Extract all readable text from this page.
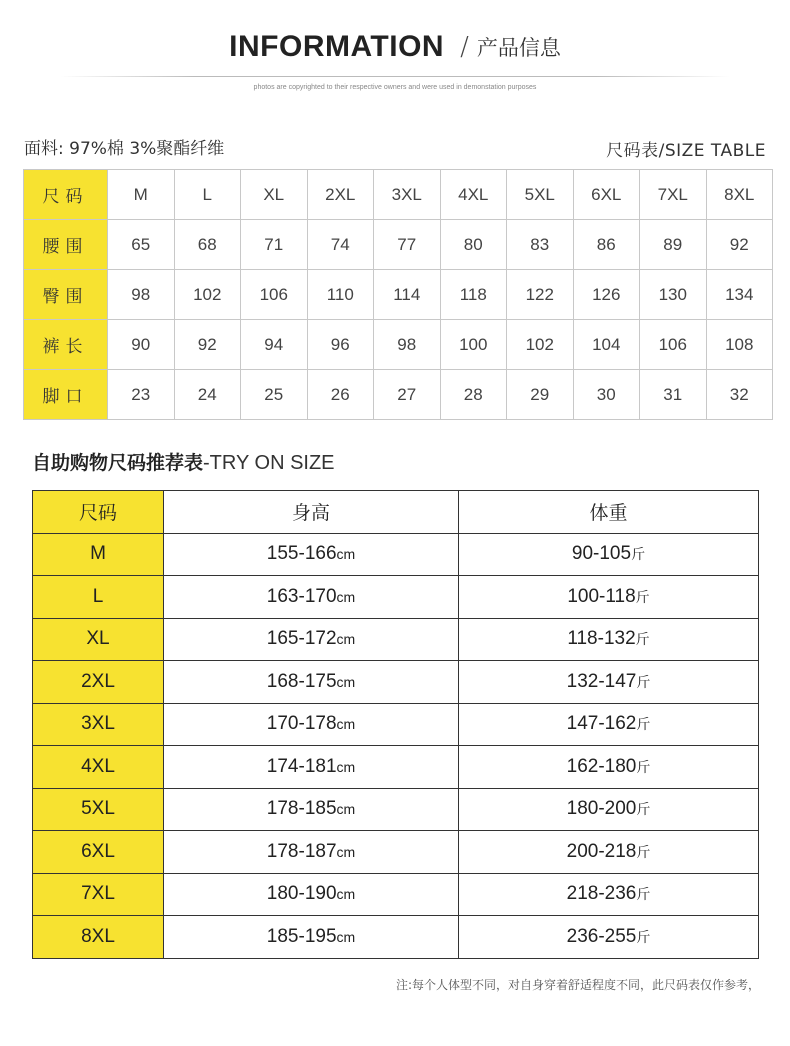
INFORMATION / 产品信息
photos are copyrighted to their respective owners and were used in demonstation purposes
面料: 97%棉 3%聚酯纤维	尺码表/SIZE TABLE
尺码	M	L	XL	2XL	3XL	4XL	5XL	6XL	7XL	8XL
腰围	65	68	71	74	77	80	83	86	89	92
臀围	98	102	106	110	114	118	122	126	130	134
裤长	90	92	94	96	98	100	102	104	106	108
脚口	23	24	25	26	27	28	29	30	31	32
自助购物尺码推荐表-TRY ON SIZE
尺码	身高	体重
M	155-166cm	90-105斤
L	163-170cm	100-118斤
XL	165-172cm	118-132斤
2XL	168-175cm	132-147斤
3XL	170-178cm	147-162斤
4XL	174-181cm	162-180斤
5XL	178-185cm	180-200斤
6XL	178-187cm	200-218斤
7XL	180-190cm	218-236斤
8XL	185-195cm	236-255斤
注:每个人体型不同，对自身穿着舒适程度不同，此尺码表仅作参考，
